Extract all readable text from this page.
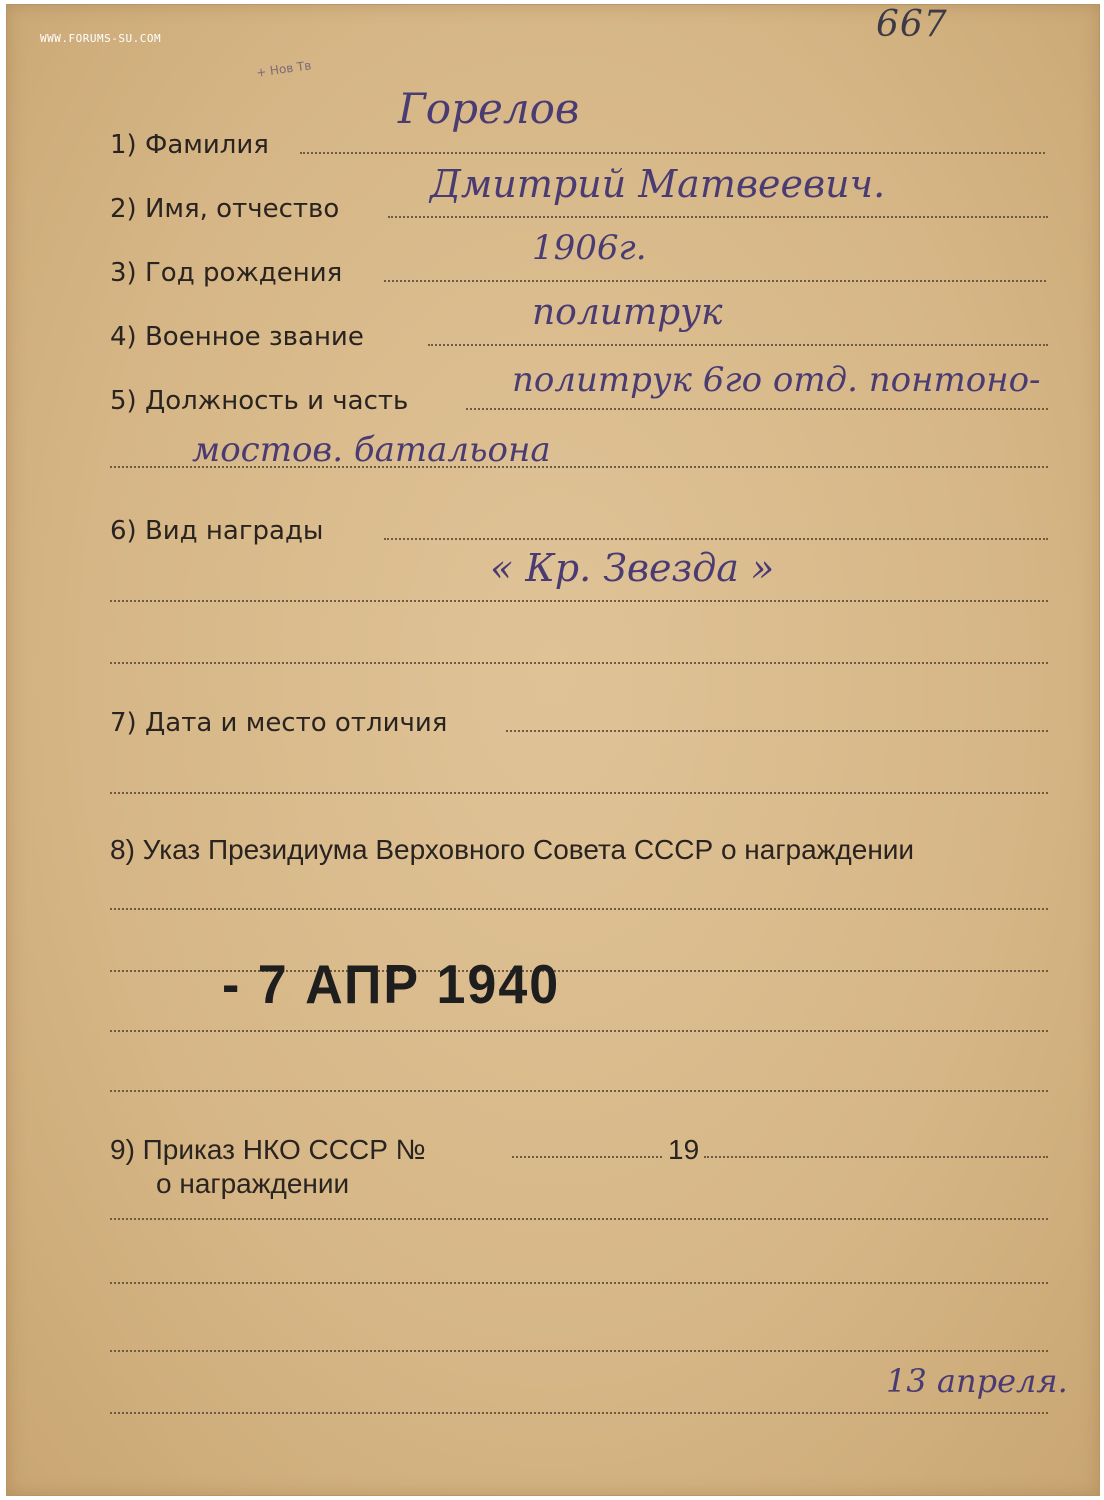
WWW.FORUMS-SU.COM	667
+ Нов Тв
1) Фамилия
Горелов
2) Имя, отчество
Дмитрий Матвеевич.
3) Год рождения
1906г.
4) Военное звание
политрук
5) Должность и часть
политрук 6го отд. понтоно-
мостов. батальона
6) Вид награды
« Кр. Звезда »
7) Дата и место отличия
8) Указ Президиума Верховного Совета СССР о награждении
- 7 АПР 1940
9) Приказ НКО СССР №	19
о награждении
13 апреля.
